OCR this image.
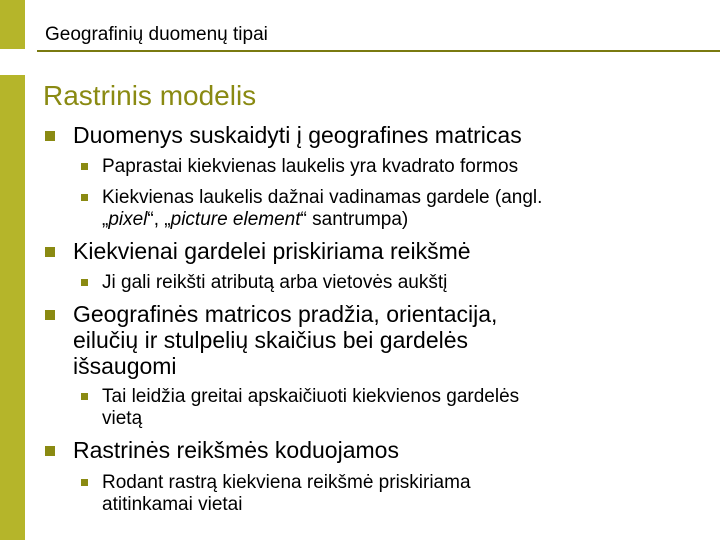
Geografinių duomenų tipai
Rastrinis modelis
Duomenys suskaidyti į geografines matricas
Paprastai kiekvienas laukelis yra kvadrato formos
Kiekvienas laukelis dažnai vadinamas gardele (angl.
„pixel“, „picture element“ santrumpa)
Kiekvienai gardelei priskiriama reikšmė
Ji gali reikšti atributą arba vietovės aukštį
Geografinės matricos pradžia, orientacija,
eilučių ir stulpelių skaičius bei gardelės
išsaugomi
Tai leidžia greitai apskaičiuoti kiekvienos gardelės
vietą
Rastrinės reikšmės koduojamos
Rodant rastrą kiekviena reikšmė priskiriama
atitinkamai vietai
